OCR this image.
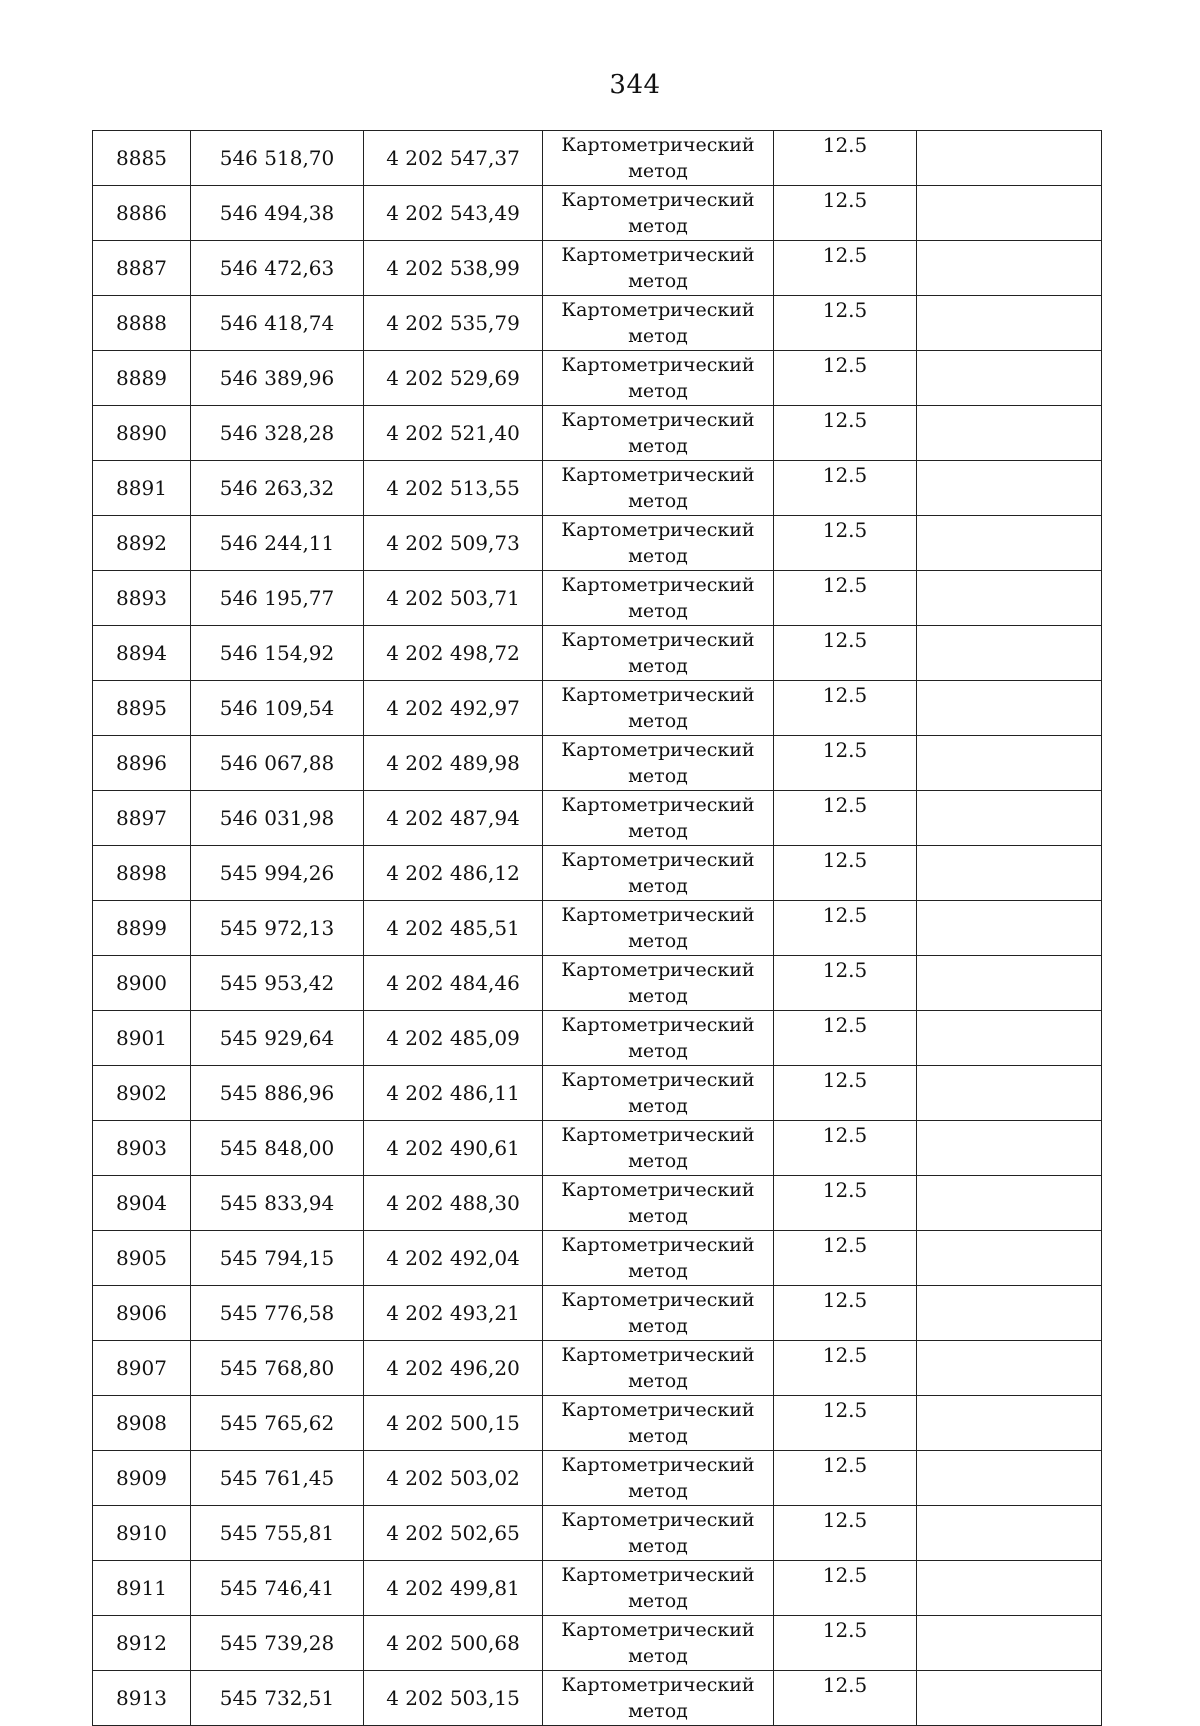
344
8885	546 518,70	4 202 547,37	Картометрический
метод	12.5	
8886	546 494,38	4 202 543,49	Картометрический
метод	12.5	
8887	546 472,63	4 202 538,99	Картометрический
метод	12.5	
8888	546 418,74	4 202 535,79	Картометрический
метод	12.5	
8889	546 389,96	4 202 529,69	Картометрический
метод	12.5	
8890	546 328,28	4 202 521,40	Картометрический
метод	12.5	
8891	546 263,32	4 202 513,55	Картометрический
метод	12.5	
8892	546 244,11	4 202 509,73	Картометрический
метод	12.5	
8893	546 195,77	4 202 503,71	Картометрический
метод	12.5	
8894	546 154,92	4 202 498,72	Картометрический
метод	12.5	
8895	546 109,54	4 202 492,97	Картометрический
метод	12.5	
8896	546 067,88	4 202 489,98	Картометрический
метод	12.5	
8897	546 031,98	4 202 487,94	Картометрический
метод	12.5	
8898	545 994,26	4 202 486,12	Картометрический
метод	12.5	
8899	545 972,13	4 202 485,51	Картометрический
метод	12.5	
8900	545 953,42	4 202 484,46	Картометрический
метод	12.5	
8901	545 929,64	4 202 485,09	Картометрический
метод	12.5	
8902	545 886,96	4 202 486,11	Картометрический
метод	12.5	
8903	545 848,00	4 202 490,61	Картометрический
метод	12.5	
8904	545 833,94	4 202 488,30	Картометрический
метод	12.5	
8905	545 794,15	4 202 492,04	Картометрический
метод	12.5	
8906	545 776,58	4 202 493,21	Картометрический
метод	12.5	
8907	545 768,80	4 202 496,20	Картометрический
метод	12.5	
8908	545 765,62	4 202 500,15	Картометрический
метод	12.5	
8909	545 761,45	4 202 503,02	Картометрический
метод	12.5	
8910	545 755,81	4 202 502,65	Картометрический
метод	12.5	
8911	545 746,41	4 202 499,81	Картометрический
метод	12.5	
8912	545 739,28	4 202 500,68	Картометрический
метод	12.5	
8913	545 732,51	4 202 503,15	Картометрический
метод	12.5	
